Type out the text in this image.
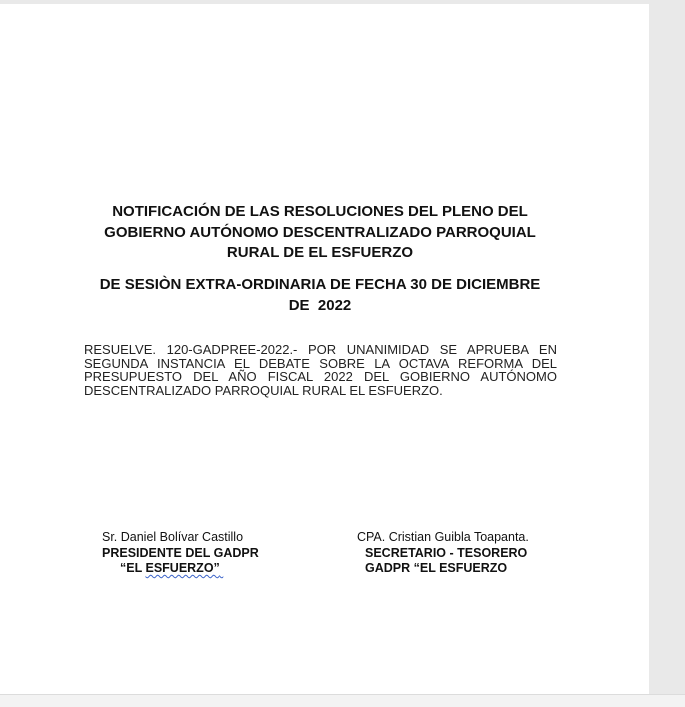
NOTIFICACIÓN DE LAS RESOLUCIONES DEL PLENO DEL
GOBIERNO AUTÓNOMO DESCENTRALIZADO PARROQUIAL
RURAL DE EL ESFUERZO
DE SESIÒN EXTRA-ORDINARIA DE FECHA 30 DE DICIEMBRE
DE  2022
RESUELVE. 120-GADPREE-2022.- POR UNANIMIDAD SE APRUEBA EN SEGUNDA INSTANCIA EL DEBATE SOBRE LA OCTAVA REFORMA DEL PRESUPUESTO DEL AÑO FISCAL 2022 DEL GOBIERNO AUTÓNOMO DESCENTRALIZADO PARROQUIAL RURAL EL ESFUERZO.
Sr. Daniel Bolívar Castillo
PRESIDENTE DEL GADPR
“EL ESFUERZO”
CPA. Cristian Guibla Toapanta.
SECRETARIO - TESORERO
GADPR “EL ESFUERZO
